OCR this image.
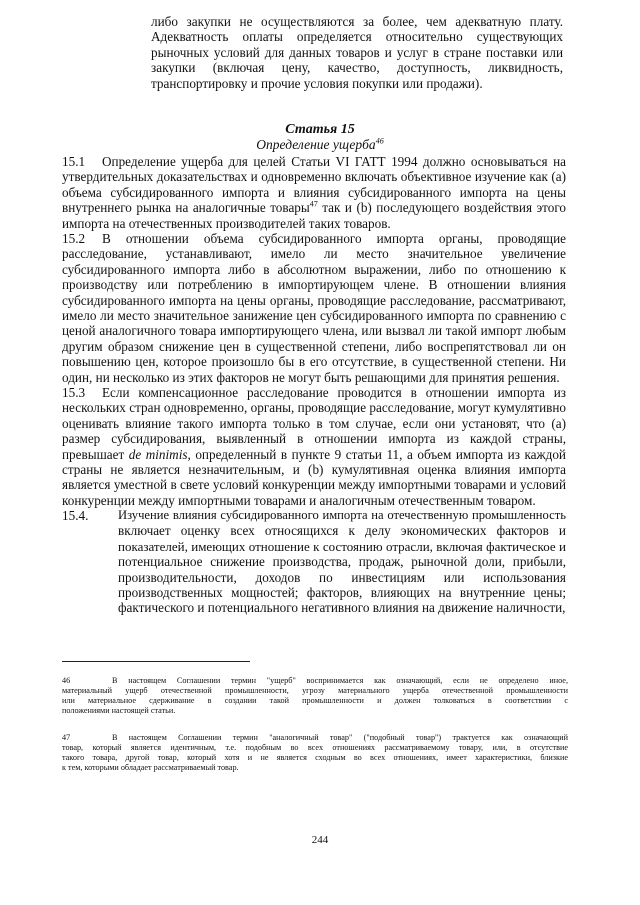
либо закупки не осуществляются за более, чем адекватную плату.
Адекватность оплаты определяется относительно существующих
рыночных условий для данных товаров и услуг в стране поставки или
закупки (включая цену, качество, доступность, ликвидность,
транспортировку и прочие условия покупки или продажи).
Статья 15
Определение ущерба$^{46}$
15.1 Определение ущерба для целей Статьи VI ГАТТ 1994 должно основываться на
утвердительных доказательствах и одновременно включать объективное изучение как (a)
объема субсидированного импорта и влияния субсидированного импорта на цены
внутреннего рынка на аналогичные товары$^{47}$ так и (b) последующего воздействия этого
импорта на отечественных производителей таких товаров.
15.2 В отношении объема субсидированного импорта органы, проводящие
расследование, устанавливают, имело ли место значительное увеличение
субсидированного импорта либо в абсолютном выражении, либо по отношению к
производству или потреблению в импортирующем члене. В отношении влияния
субсидированного импорта на цены органы, проводящие расследование, рассматривают,
имело ли место значительное занижение цен субсидированного импорта по сравнению с
ценой аналогичного товара импортирующего члена, или вызвал ли такой импорт любым
другим образом снижение цен в существенной степени, либо воспрепятствовал ли он
повышению цен, которое произошло бы в его отсутствие, в существенной степени. Ни
один, ни несколько из этих факторов не могут быть решающими для принятия решения.
15.3 Если компенсационное расследование проводится в отношении импорта из
нескольких стран одновременно, органы, проводящие расследование, могут кумулятивно
оценивать влияние такого импорта только в том случае, если они установят, что (a)
размер субсидирования, выявленный в отношении импорта из каждой страны,
превышает de minimis, определенный в пункте 9 статьи 11, а объем импорта из каждой
страны не является незначительным, и (b) кумулятивная оценка влияния импорта
является уместной в свете условий конкуренции между импортными товарами и условий
конкуренции между импортными товарами и аналогичным отечественным товаром.
15.4. Изучение влияния субсидированного импорта на отечественную промышленность
включает оценку всех относящихся к делу экономических факторов и
показателей, имеющих отношение к состоянию отрасли, включая фактическое и
потенциальное снижение производства, продаж, рыночной доли, прибыли,
производительности, доходов по инвестициям или использования
производственных мощностей; факторов, влияющих на внутренние цены;
фактического и потенциального негативного влияния на движение наличности,
46	В настоящем Соглашении термин "ущерб" воспринимается как означающий, если не определено иное,
материальный ущерб отечественной промышленности, угрозу материального ущерба отечественной промышленности
или материальное сдерживание в создании такой промышленности и должен толковаться в соответствии с
положениями настоящей статьи.
47	В настоящем Соглашении термин "аналогичный товар" ("подобный товар") трактуется как означающий
товар, который является идентичным, т.е. подобным во всех отношениях рассматриваемому товару, или, в отсутствие
такого товара, другой товар, который хотя и не является сходным во всех отношениях, имеет характеристики, близкие
к тем, которыми обладает рассматриваемый товар.
244
